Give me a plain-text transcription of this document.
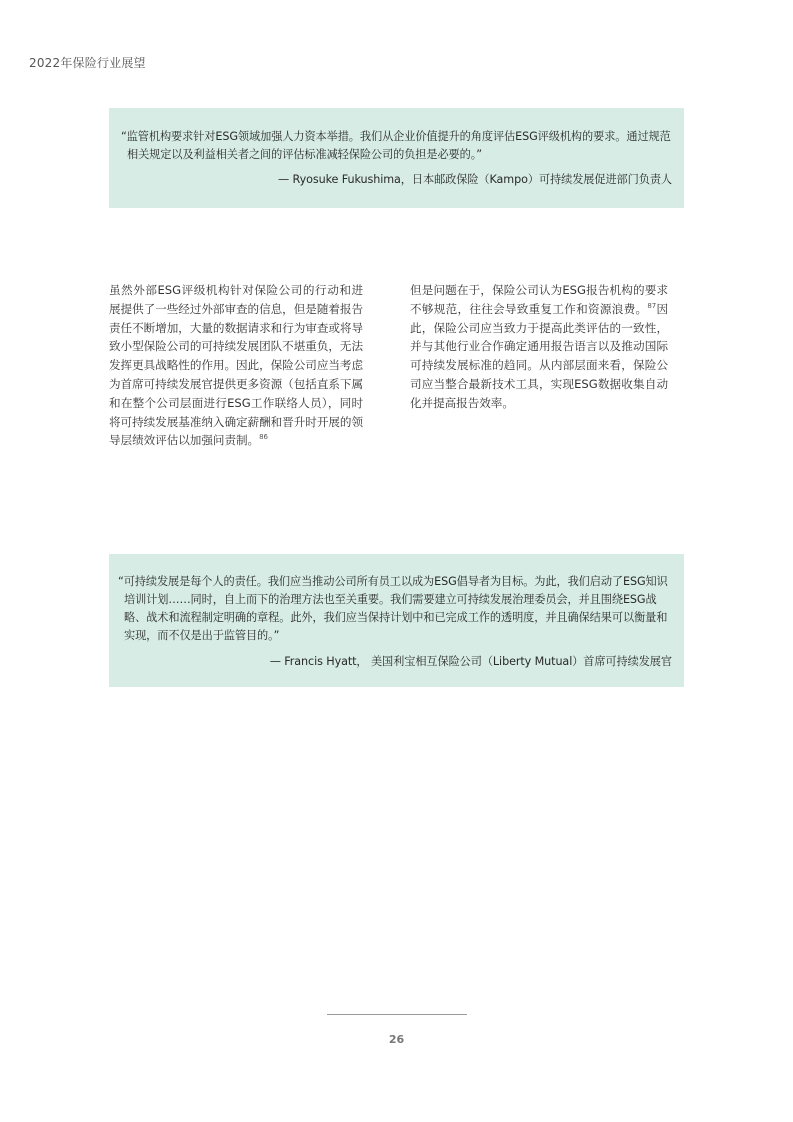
2022年保险行业展望
“监管机构要求针对ESG领域加强人力资本举措。我们从企业价值提升的角度评估ESG评级机构的要求。通过规范相关规定以及利益相关者之间的评估标准减轻保险公司的负担是必要的。”
— Ryosuke Fukushima，日本邮政保险（Kampo）可持续发展促进部门负责人
虽然外部ESG评级机构针对保险公司的行动和进展提供了一些经过外部审查的信息，但是随着报告责任不断增加，大量的数据请求和行为审查或将导致小型保险公司的可持续发展团队不堪重负，无法发挥更具战略性的作用。因此，保险公司应当考虑为首席可持续发展官提供更多资源（包括直系下属和在整个公司层面进行ESG工作联络人员），同时将可持续发展基准纳入确定薪酬和晋升时开展的领导层绩效评估以加强问责制。$^{86}$
但是问题在于，保险公司认为ESG报告机构的要求不够规范，往往会导致重复工作和资源浪费。$^{87}$因此，保险公司应当致力于提高此类评估的一致性，并与其他行业合作确定通用报告语言以及推动国际可持续发展标准的趋同。从内部层面来看，保险公司应当整合最新技术工具，实现ESG数据收集自动化并提高报告效率。
“可持续发展是每个人的责任。我们应当推动公司所有员工以成为ESG倡导者为目标。为此，我们启动了ESG知识培训计划……同时，自上而下的治理方法也至关重要。我们需要建立可持续发展治理委员会，并且围绕ESG战略、战术和流程制定明确的章程。此外，我们应当保持计划中和已完成工作的透明度，并且确保结果可以衡量和实现，而不仅是出于监管目的。”
— Francis Hyatt， 美国利宝相互保险公司（Liberty Mutual）首席可持续发展官
26
